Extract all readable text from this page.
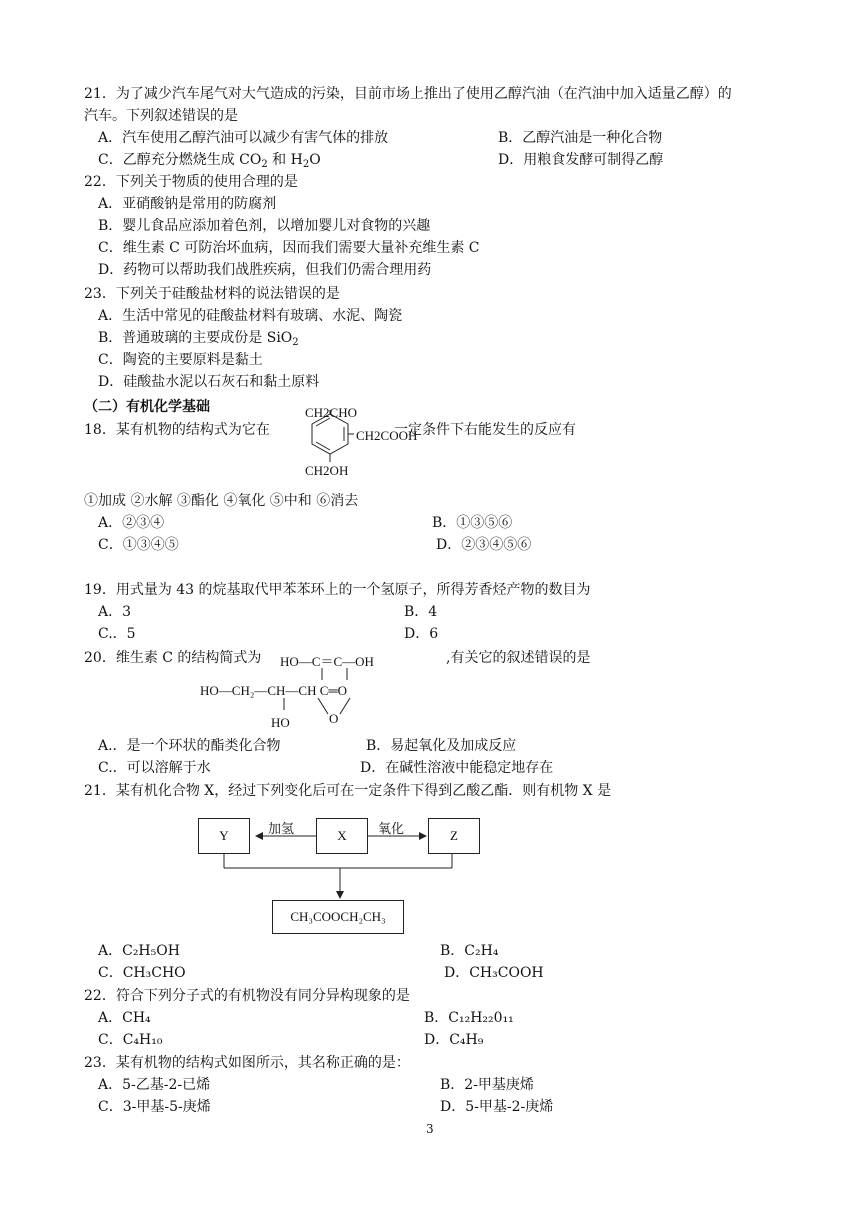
21．为了减少汽车尾气对大气造成的污染，目前市场上推出了使用乙醇汽油（在汽油中加入适量乙醇）的
汽车。下列叙述错误的是
A．汽车使用乙醇汽油可以减少有害气体的排放	B．乙醇汽油是一种化合物
C．乙醇充分燃烧生成 $CO_2$ 和 $H_2O$	D．用粮食发酵可制得乙醇
22．下列关于物质的使用合理的是
A．亚硝酸钠是常用的防腐剂
B．婴儿食品应添加着色剂，以增加婴儿对食物的兴趣
C．维生素 C 可防治坏血病，因而我们需要大量补充维生素 C
D．药物可以帮助我们战胜疾病，但我们仍需合理用药
23．下列关于硅酸盐材料的说法错误的是
A．生活中常见的硅酸盐材料有玻璃、水泥、陶瓷
B．普通玻璃的主要成份是 SiO$_2$
C．陶瓷的主要原料是黏土
D．硅酸盐水泥以石灰石和黏土原料
（二）有机化学基础
18．某有机物的结构式为它在
CH2CHO
CH2COOH
CH2OH
一定条件下右能发生的反应有
①加成 ②水解 ③酯化 ④氧化 ⑤中和 ⑥消去
A．②③④	B．①③⑤⑥
C．①③④⑤	D．②③④⑤⑥
19．用式量为 43 的烷基取代甲苯苯环上的一个氢原子，所得芳香烃产物的数目为
A．3	B．4
C.．5	D．6
20．维生素 C 的结构简式为 HO—C＝C—OH
HO—CH₂—CH—CH C═O
HO	O
,有关它的叙述错误的是
A.．是一个环状的酯类化合物	B．易起氧化及加成反应
C.．可以溶解于水	D．在碱性溶液中能稳定地存在
21．某有机化合物 X，经过下列变化后可在一定条件下得到乙酸乙酯．则有机物 X 是
Y	X	Z
加氢	氧化
CH₃COOCH₂CH₃
A．C₂H₅OH	B．C₂H₄
C．CH₃CHO	D．CH₃COOH
22．符合下列分子式的有机物没有同分异构现象的是
A．CH₄	B．C₁₂H₂₂0₁₁
C．C₄H₁₀	D．C₄H₉
23．某有机物的结构式如图所示，其名称正确的是：
A．5-乙基-2-已烯	B．2-甲基庚烯
C．3-甲基-5-庚烯	D．5-甲基-2-庚烯
3
